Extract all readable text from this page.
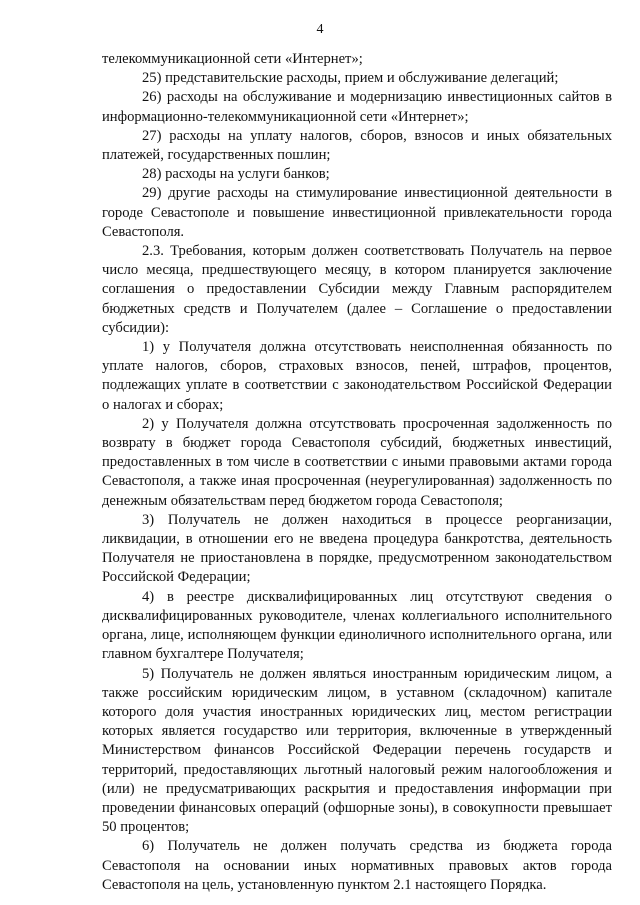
4

телекоммуникационной сети «Интернет»;

25) представительские расходы, прием и обслуживание делегаций;

26) расходы на обслуживание и модернизацию инвестиционных сайтов в информационно-телекоммуникационной сети «Интернет»;

27) расходы на уплату налогов, сборов, взносов и иных обязательных платежей, государственных пошлин;

28) расходы на услуги банков;

29) другие расходы на стимулирование инвестиционной деятельности в городе Севастополе и повышение инвестиционной привлекательности города Севастополя.

2.3. Требования, которым должен соответствовать Получатель на первое число месяца, предшествующего месяцу, в котором планируется заключение соглашения о предоставлении Субсидии между Главным распорядителем бюджетных средств и Получателем (далее – Соглашение о предоставлении субсидии):

1) у Получателя должна отсутствовать неисполненная обязанность по уплате налогов, сборов, страховых взносов, пеней, штрафов, процентов, подлежащих уплате в соответствии с законодательством Российской Федерации о налогах и сборах;

2) у Получателя должна отсутствовать просроченная задолженность по возврату в бюджет города Севастополя субсидий, бюджетных инвестиций, предоставленных в том числе в соответствии с иными правовыми актами города Севастополя, а также иная просроченная (неурегулированная) задолженность по денежным обязательствам перед бюджетом города Севастополя;

3) Получатель не должен находиться в процессе реорганизации, ликвидации, в отношении его не введена процедура банкротства, деятельность Получателя не приостановлена в порядке, предусмотренном законодательством Российской Федерации;

4) в реестре дисквалифицированных лиц отсутствуют сведения о дисквалифицированных руководителе, членах коллегиального исполнительного органа, лице, исполняющем функции единоличного исполнительного органа, или главном бухгалтере Получателя;

5) Получатель не должен являться иностранным юридическим лицом, а также российским юридическим лицом, в уставном (складочном) капитале которого доля участия иностранных юридических лиц, местом регистрации которых является государство или территория, включенные в утвержденный Министерством финансов Российской Федерации перечень государств и территорий, предоставляющих льготный налоговый режим налогообложения и (или) не предусматривающих раскрытия и предоставления информации при проведении финансовых операций (офшорные зоны), в совокупности превышает 50 процентов;

6) Получатель не должен получать средства из бюджета города Севастополя на основании иных нормативных правовых актов города Севастополя на цель, установленную пунктом 2.1 настоящего Порядка.
